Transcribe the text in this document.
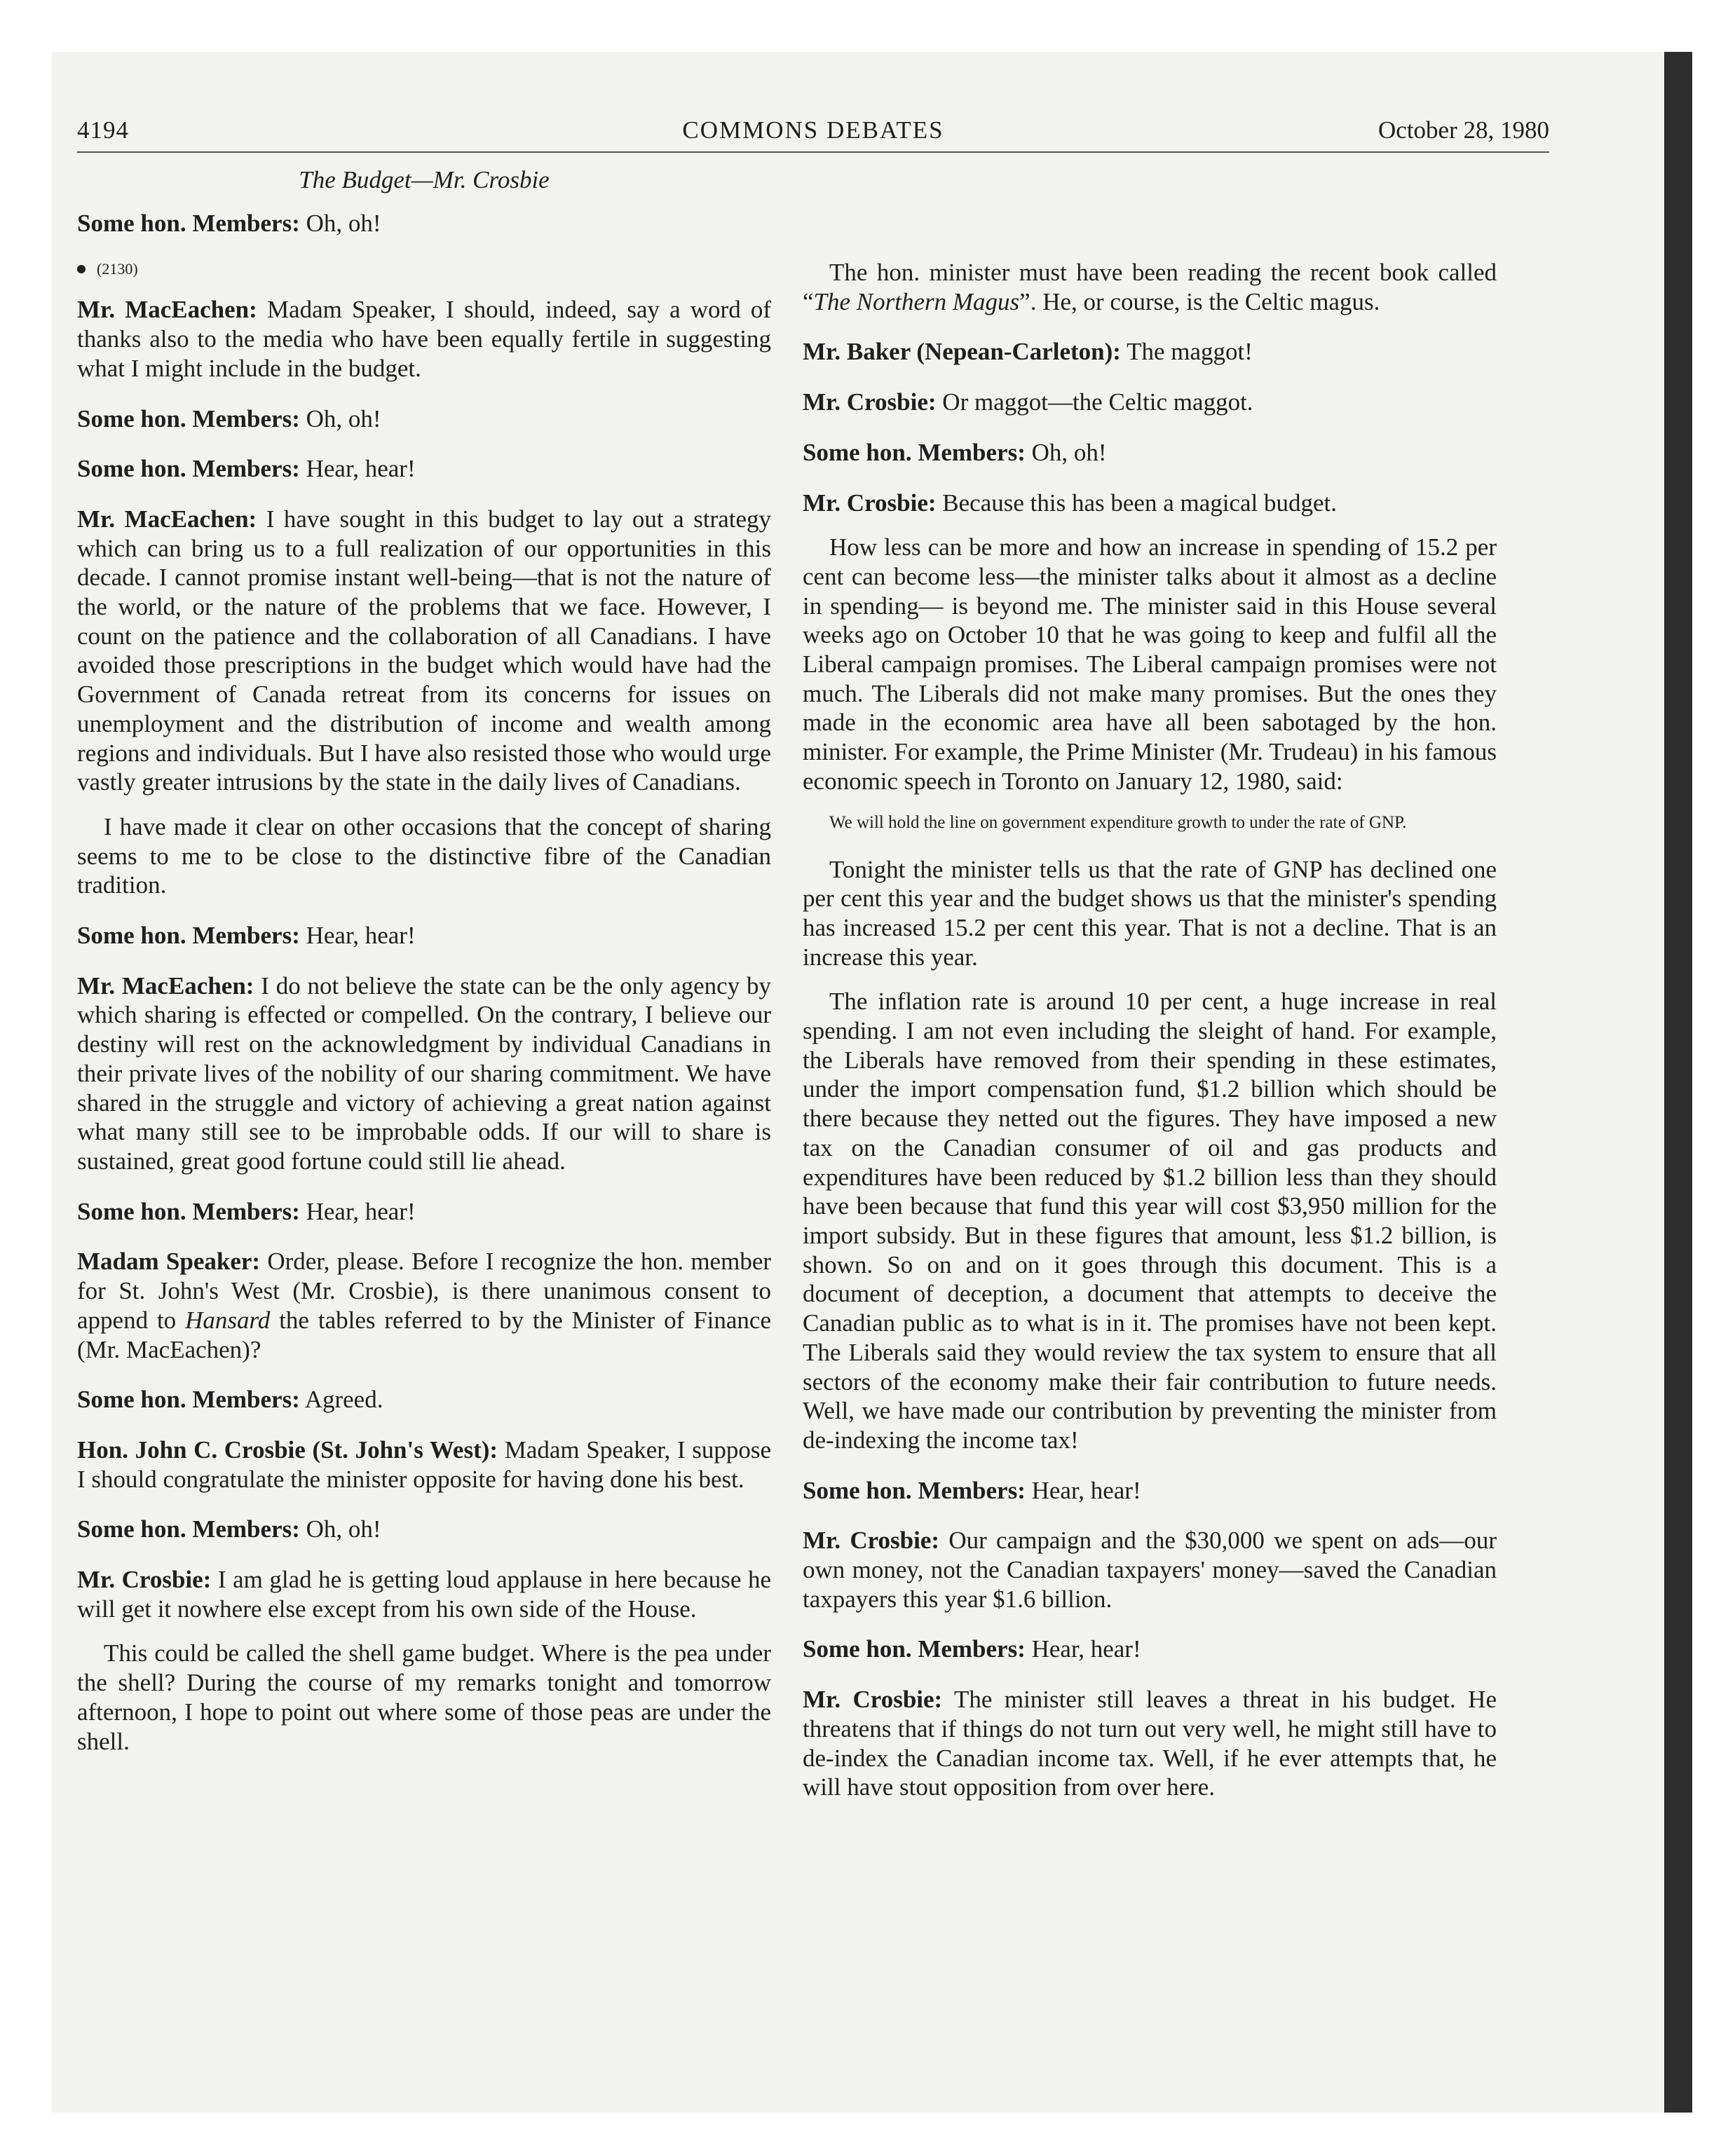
4194	COMMONS DEBATES	October 28, 1980
The Budget—Mr. Crosbie

Some hon. Members: Oh, oh!

(2130)

Mr. MacEachen: Madam Speaker, I should, indeed, say a word of thanks also to the media who have been equally fertile in suggesting what I might include in the budget.

Some hon. Members: Oh, oh!

Some hon. Members: Hear, hear!

Mr. MacEachen: I have sought in this budget to lay out a strategy which can bring us to a full realization of our opportunities in this decade. I cannot promise instant well-being—that is not the nature of the world, or the nature of the problems that we face. However, I count on the patience and the collaboration of all Canadians. I have avoided those prescriptions in the budget which would have had the Government of Canada retreat from its concerns for issues on unemployment and the distribution of income and wealth among regions and individuals. But I have also resisted those who would urge vastly greater intrusions by the state in the daily lives of Canadians.

I have made it clear on other occasions that the concept of sharing seems to me to be close to the distinctive fibre of the Canadian tradition.

Some hon. Members: Hear, hear!

Mr. MacEachen: I do not believe the state can be the only agency by which sharing is effected or compelled. On the contrary, I believe our destiny will rest on the acknowledgment by individual Canadians in their private lives of the nobility of our sharing commitment. We have shared in the struggle and victory of achieving a great nation against what many still see to be improbable odds. If our will to share is sustained, great good fortune could still lie ahead.

Some hon. Members: Hear, hear!

Madam Speaker: Order, please. Before I recognize the hon. member for St. John's West (Mr. Crosbie), is there unanimous consent to append to Hansard the tables referred to by the Minister of Finance (Mr. MacEachen)?

Some hon. Members: Agreed.

Hon. John C. Crosbie (St. John's West): Madam Speaker, I suppose I should congratulate the minister opposite for having done his best.

Some hon. Members: Oh, oh!

Mr. Crosbie: I am glad he is getting loud applause in here because he will get it nowhere else except from his own side of the House.

This could be called the shell game budget. Where is the pea under the shell? During the course of my remarks tonight and tomorrow afternoon, I hope to point out where some of those peas are under the shell.

The hon. minister must have been reading the recent book called “The Northern Magus”. He, or course, is the Celtic magus.

Mr. Baker (Nepean-Carleton): The maggot!

Mr. Crosbie: Or maggot—the Celtic maggot.

Some hon. Members: Oh, oh!

Mr. Crosbie: Because this has been a magical budget.

How less can be more and how an increase in spending of 15.2 per cent can become less—the minister talks about it almost as a decline in spending— is beyond me. The minister said in this House several weeks ago on October 10 that he was going to keep and fulfil all the Liberal campaign promises. The Liberal campaign promises were not much. The Liberals did not make many promises. But the ones they made in the economic area have all been sabotaged by the hon. minister. For example, the Prime Minister (Mr. Trudeau) in his famous economic speech in Toronto on January 12, 1980, said:

We will hold the line on government expenditure growth to under the rate of GNP.

Tonight the minister tells us that the rate of GNP has declined one per cent this year and the budget shows us that the minister's spending has increased 15.2 per cent this year. That is not a decline. That is an increase this year.

The inflation rate is around 10 per cent, a huge increase in real spending. I am not even including the sleight of hand. For example, the Liberals have removed from their spending in these estimates, under the import compensation fund, $1.2 billion which should be there because they netted out the figures. They have imposed a new tax on the Canadian consumer of oil and gas products and expenditures have been reduced by $1.2 billion less than they should have been because that fund this year will cost $3,950 million for the import subsidy. But in these figures that amount, less $1.2 billion, is shown. So on and on it goes through this document. This is a document of deception, a document that attempts to deceive the Canadian public as to what is in it. The promises have not been kept. The Liberals said they would review the tax system to ensure that all sectors of the economy make their fair contribution to future needs. Well, we have made our contribution by preventing the minister from de-indexing the income tax!

Some hon. Members: Hear, hear!

Mr. Crosbie: Our campaign and the $30,000 we spent on ads—our own money, not the Canadian taxpayers' money—saved the Canadian taxpayers this year $1.6 billion.

Some hon. Members: Hear, hear!

Mr. Crosbie: The minister still leaves a threat in his budget. He threatens that if things do not turn out very well, he might still have to de-index the Canadian income tax. Well, if he ever attempts that, he will have stout opposition from over here.
